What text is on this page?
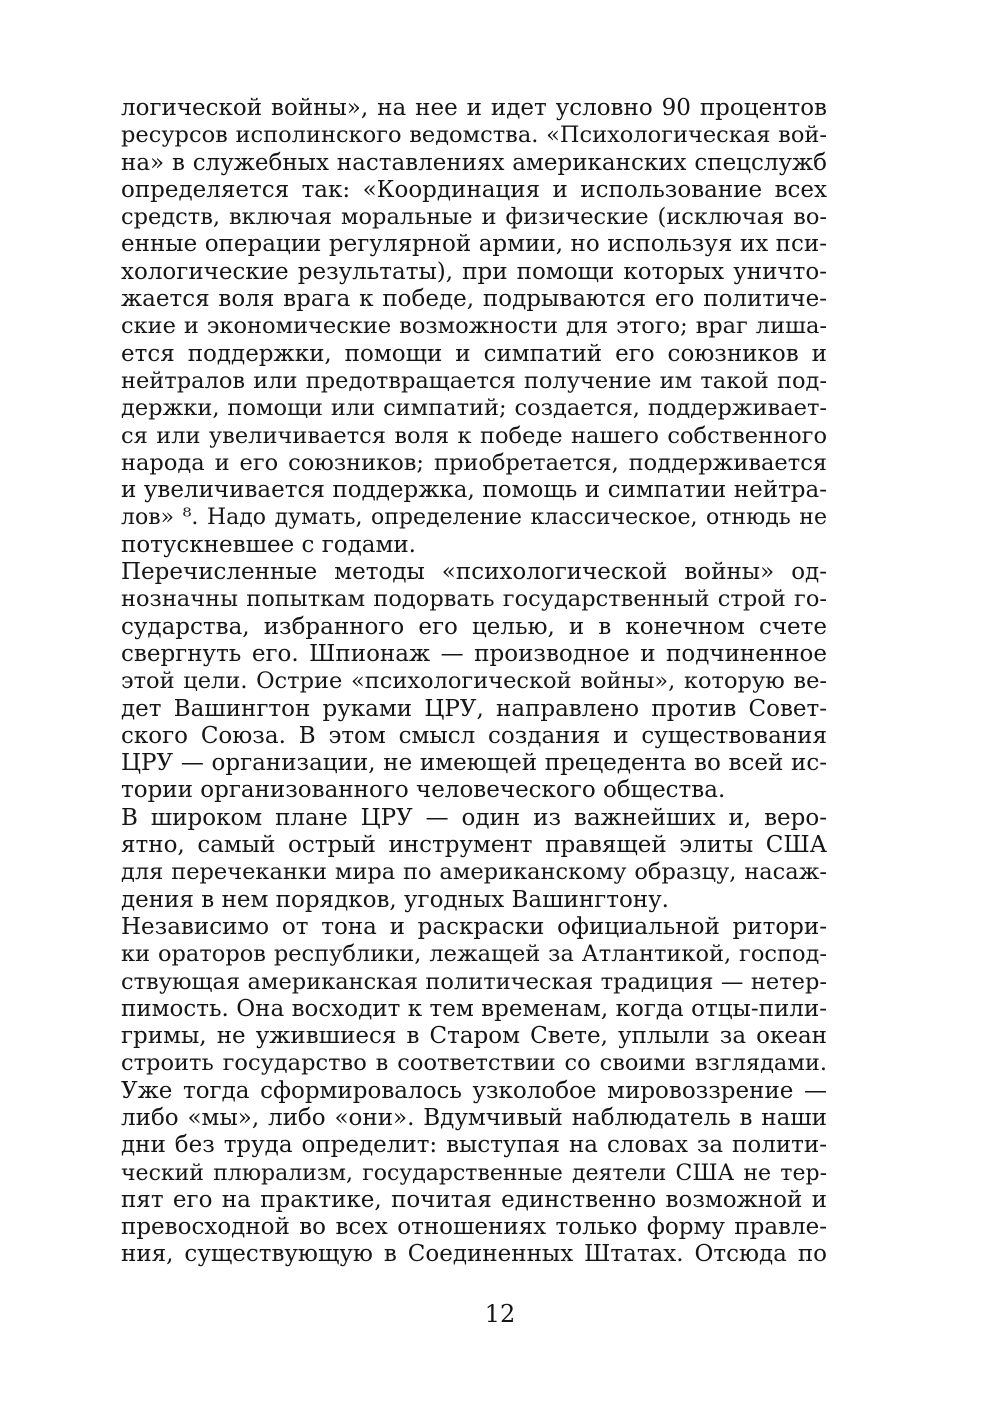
логической войны», на нее и идет условно 90 процентов
ресурсов исполинского ведомства. «Психологическая вой-
на» в служебных наставлениях американских спецслужб
определяется так: «Координация и использование всех
средств, включая моральные и физические (исключая во-
енные операции регулярной армии, но используя их пси-
хологические результаты), при помощи которых уничто-
жается воля врага к победе, подрываются его политиче-
ские и экономические возможности для этого; враг лиша-
ется поддержки, помощи и симпатий его союзников и
нейтралов или предотвращается получение им такой под-
держки, помощи или симпатий; создается, поддерживает-
ся или увеличивается воля к победе нашего собственного
народа и его союзников; приобретается, поддерживается
и увеличивается поддержка, помощь и симпатии нейтра-
лов» ⁸. Надо думать, определение классическое, отнюдь не
потускневшее с годами.
Перечисленные методы «психологической войны» од-
нозначны попыткам подорвать государственный строй го-
сударства, избранного его целью, и в конечном счете
свергнуть его. Шпионаж — производное и подчиненное
этой цели. Острие «психологической войны», которую ве-
дет Вашингтон руками ЦРУ, направлено против Совет-
ского Союза. В этом смысл создания и существования
ЦРУ — организации, не имеющей прецедента во всей ис-
тории организованного человеческого общества.
В широком плане ЦРУ — один из важнейших и, веро-
ятно, самый острый инструмент правящей элиты США
для перечеканки мира по американскому образцу, насаж-
дения в нем порядков, угодных Вашингтону.
Независимо от тона и раскраски официальной ритори-
ки ораторов республики, лежащей за Атлантикой, господ-
ствующая американская политическая традиция — нетер-
пимость. Она восходит к тем временам, когда отцы-пили-
гримы, не ужившиеся в Старом Свете, уплыли за океан
строить государство в соответствии со своими взглядами.
Уже тогда сформировалось узколобое мировоззрение —
либо «мы», либо «они». Вдумчивый наблюдатель в наши
дни без труда определит: выступая на словах за полити-
ческий плюрализм, государственные деятели США не тер-
пят его на практике, почитая единственно возможной и
превосходной во всех отношениях только форму правле-
ния, существующую в Соединенных Штатах. Отсюда по
12
